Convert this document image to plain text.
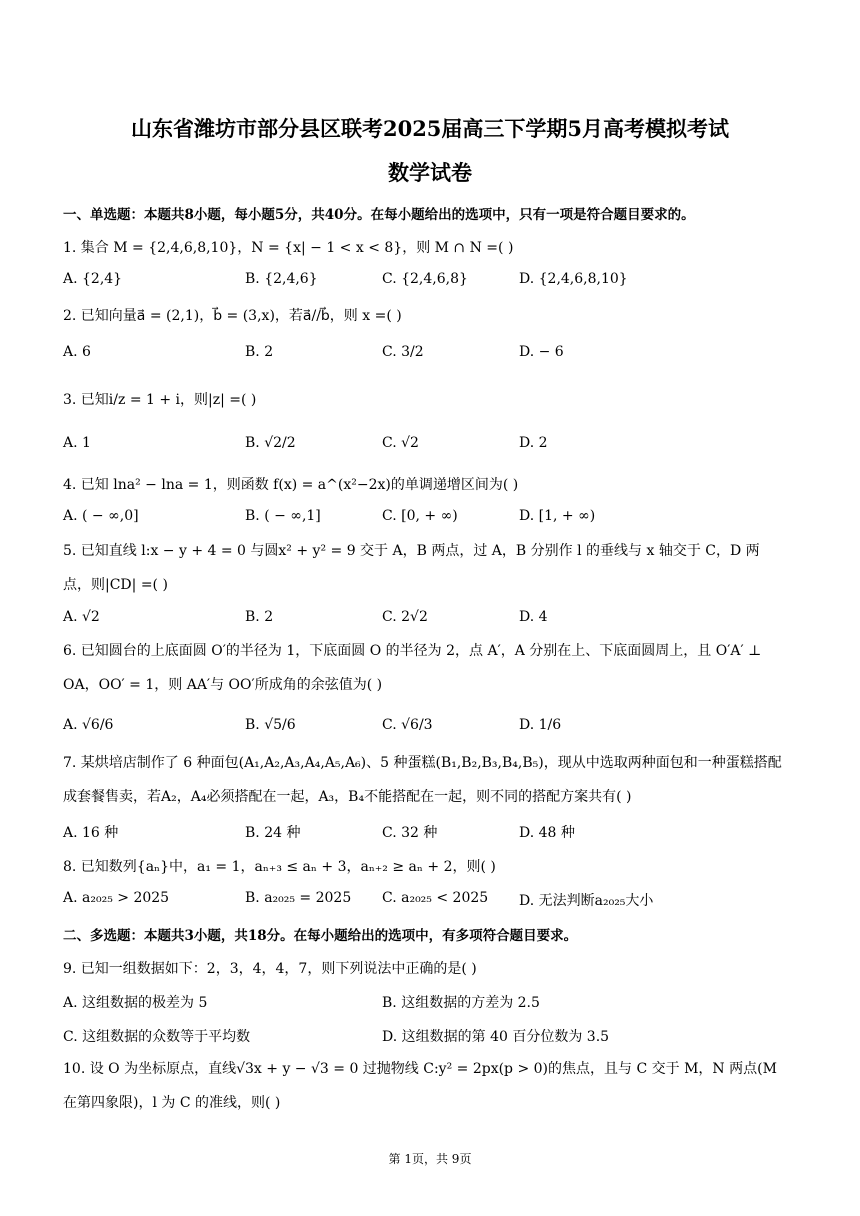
山东省潍坊市部分县区联考2025届高三下学期5月高考模拟考试
数学试卷
一、单选题：本题共8小题，每小题5分，共40分。在每小题给出的选项中，只有一项是符合题目要求的。
1. 集合 M = {2,4,6,8,10}，N = {x| − 1 < x < 8}，则 M ∩ N =( )
A. {2,4}	B. {2,4,6}	C. {2,4,6,8}	D. {2,4,6,8,10}
2. 已知向量a⃗ = (2,1)，b⃗ = (3,x)，若a⃗//b⃗，则 x =( )
A. 6	B. 2	C. 3/2	D. − 6
3. 已知i/z = 1 + i，则|z| =( )
A. 1	B. √2/2	C. √2	D. 2
4. 已知 lna² − lna = 1，则函数 f(x) = a^(x²−2x)的单调递增区间为( )
A. ( − ∞,0]	B. ( − ∞,1]	C. [0, + ∞)	D. [1, + ∞)
5. 已知直线 l:x − y + 4 = 0 与圆x² + y² = 9 交于 A，B 两点，过 A，B 分别作 l 的垂线与 x 轴交于 C，D 两点，则|CD| =( )
A. √2	B. 2	C. 2√2	D. 4
6. 已知圆台的上底面圆 O′的半径为 1，下底面圆 O 的半径为 2，点 A′，A 分别在上、下底面圆周上，且 O′A′ ⊥ OA，OO′ = 1，则 AA′与 OO′所成角的余弦值为( )
A. √6/6	B. √5/6	C. √6/3	D. 1/6
7. 某烘培店制作了 6 种面包(A₁,A₂,A₃,A₄,A₅,A₆)、5 种蛋糕(B₁,B₂,B₃,B₄,B₅)，现从中选取两种面包和一种蛋糕搭配成套餐售卖，若A₂，A₄必须搭配在一起，A₃，B₄不能搭配在一起，则不同的搭配方案共有( )
A. 16 种	B. 24 种	C. 32 种	D. 48 种
8. 已知数列{aₙ}中，a₁ = 1，aₙ₊₃ ≤ aₙ + 3，aₙ₊₂ ≥ aₙ + 2，则( )
A. a₂₀₂₅ > 2025	B. a₂₀₂₅ = 2025 C. a₂₀₂₅ < 2025 D. 无法判断a₂₀₂₅大小
二、多选题：本题共3小题，共18分。在每小题给出的选项中，有多项符合题目要求。
9. 已知一组数据如下：2，3，4，4，7，则下列说法中正确的是( )
A. 这组数据的极差为 5	B. 这组数据的方差为 2.5
C. 这组数据的众数等于平均数	D. 这组数据的第 40 百分位数为 3.5
10. 设 O 为坐标原点，直线√3x + y − √3 = 0 过抛物线 C:y² = 2px(p > 0)的焦点，且与 C 交于 M，N 两点(M 在第四象限)，l 为 C 的准线，则( )
第 1页，共 9页
